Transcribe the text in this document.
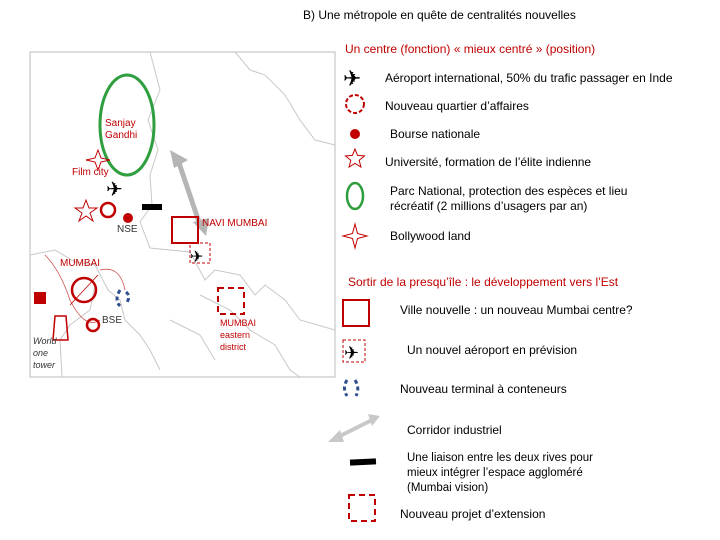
B) Une métropole en quête de centralités nouvelles
Un centre (fonction) « mieux centré » (position)
✈
✈
Sanjay Gandhi
Film city
NSE
NAVI MUMBAI
MUMBAI
BSE
World one tower
MUMBAI eastern district
✈ Aéroport international, 50% du trafic passager en Inde
Nouveau quartier d’affaires
Bourse nationale
Université, formation de l’élite indienne
Parc National, protection des espèces et lieu récréatif (2 millions d’usagers par an)
Bollywood land
Sortir de la presqu’île : le développement vers l’Est
✈
Ville nouvelle : un nouveau Mumbai centre?
Un nouvel aéroport en prévision
Nouveau terminal à conteneurs
Corridor industriel
Une liaison entre les deux rives pour mieux intégrer l’espace aggloméré (Mumbai vision)
Nouveau projet d’extension
